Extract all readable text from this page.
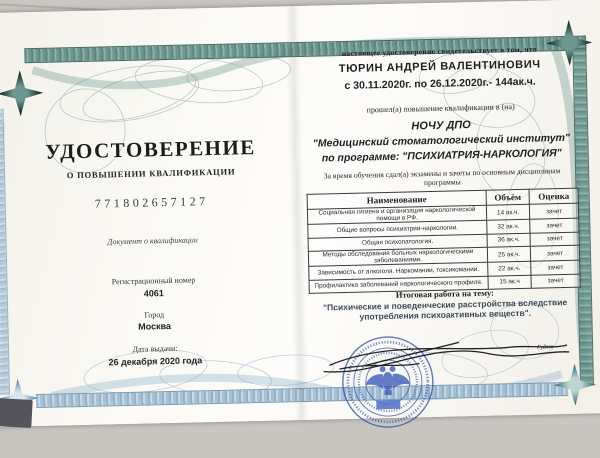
УДОСТОВЕРЕНИЕ
О ПОВЫШЕНИИ КВАЛИФИКАЦИИ
771802657127
Документ о квалификации
Регистрационный номер
4061
Город
Москва
Дата выдачи:
26 декабря 2020 года
настоящее удостоверение свидетельствует о том, что
ТЮРИН АНДРЕЙ ВАЛЕНТИНОВИЧ
с 30.11.2020г. по 26.12.2020г.- 144ак.ч.
прошел(а) повышение квалификации в (на)
НОЧУ ДПО
"Медицинский стоматологический институт"
по программе: "ПСИХИАТРИЯ-НАРКОЛОГИЯ"
За время обучения сдал(а) экзамены и зачеты по основным дисциплинам программы
Наименование	Объём	Оценка
Социальная гигиена и организация наркологической помощи в РФ.	14 ак.ч.	зачет
Общие вопросы психиатрии-наркологии.	32 ак.ч.	зачет
Общая психопатология.	36 ак.ч.	зачет
Методы обследования больных наркологическими заболеваниями.	25 ак.ч.	зачет
Зависимость от алкоголя. Наркомании, токсикомании.	22 ак.ч.	зачет
Профилактика заболеваний наркологического профиля.	15 ак.ч	зачет
Итоговая работа на тему:
"Психические и поведенческие расстройства вследствие употребления психоактивных веществ".
Гудзев
